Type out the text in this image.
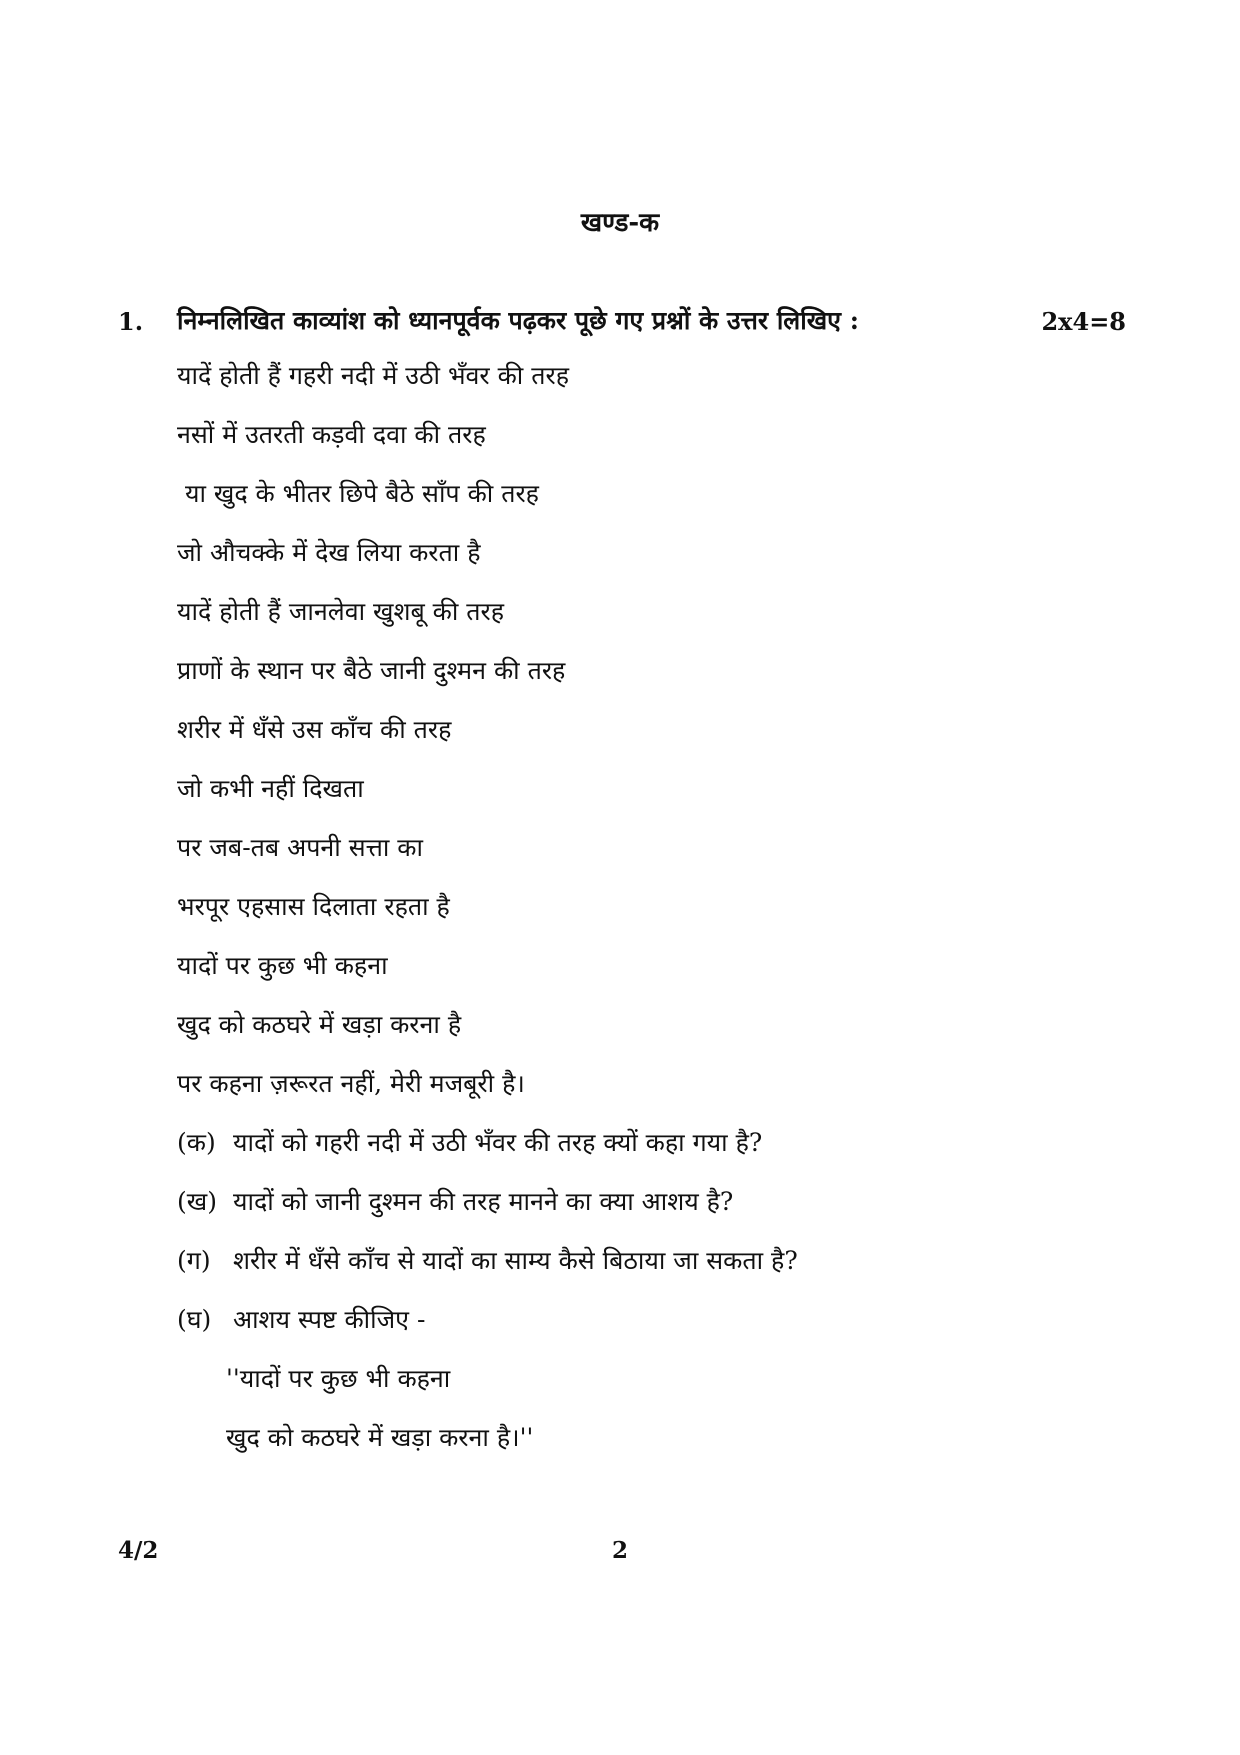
खण्ड-क
1. निम्नलिखित काव्यांश को ध्यानपूर्वक पढ़कर पूछे गए प्रश्नों के उत्तर लिखिए :	2x4=8
यादें होती हैं गहरी नदी में उठी भँवर की तरह
नसों में उतरती कड़वी दवा की तरह
या खुद के भीतर छिपे बैठे साँप की तरह
जो औचक्के में देख लिया करता है
यादें होती हैं जानलेवा खुशबू की तरह
प्राणों के स्थान पर बैठे जानी दुश्मन की तरह
शरीर में धँसे उस काँच की तरह
जो कभी नहीं दिखता
पर जब-तब अपनी सत्ता का
भरपूर एहसास दिलाता रहता है
यादों पर कुछ भी कहना
खुद को कठघरे में खड़ा करना है
पर कहना ज़रूरत नहीं, मेरी मजबूरी है।
(क) यादों को गहरी नदी में उठी भँवर की तरह क्यों कहा गया है?
(ख) यादों को जानी दुश्मन की तरह मानने का क्या आशय है?
(ग) शरीर में धँसे काँच से यादों का साम्य कैसे बिठाया जा सकता है?
(घ) आशय स्पष्ट कीजिए -
''यादों पर कुछ भी कहना
खुद को कठघरे में खड़ा करना है।''
4/2	2
